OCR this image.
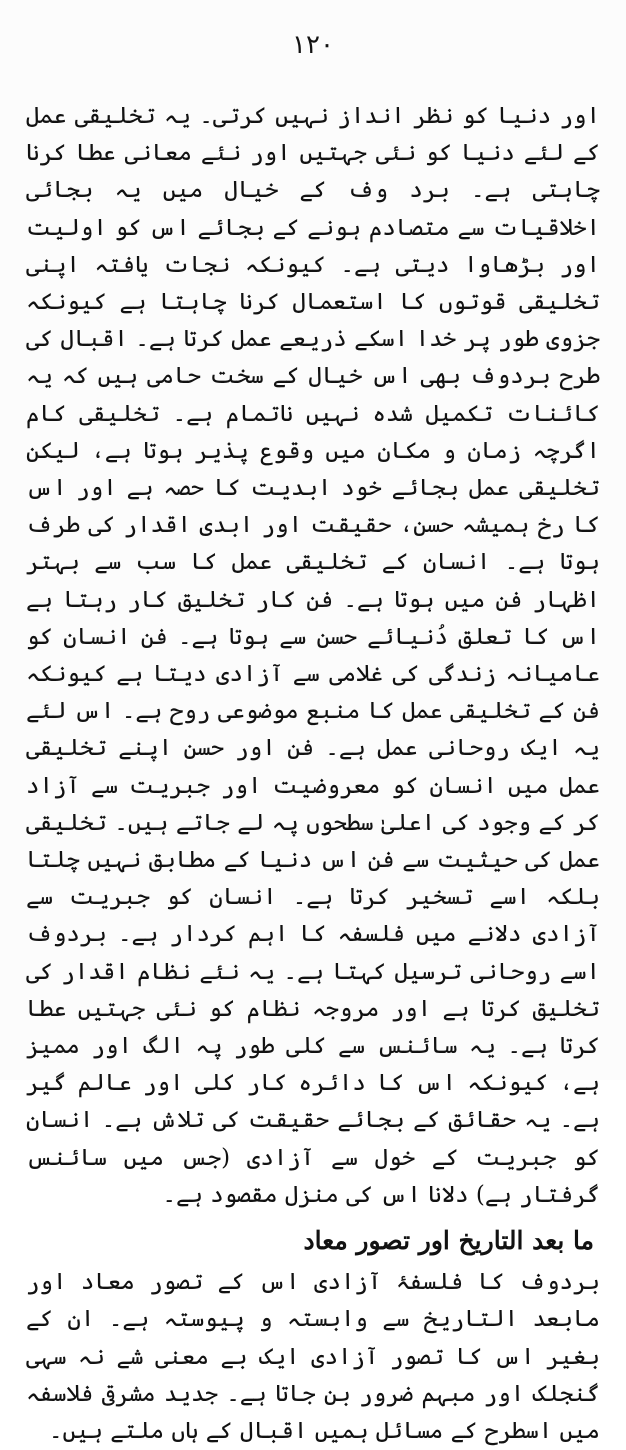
۱۲۰
اور دنیا کو نظر انداز نہیں کرتی۔ یہ تخلیقی عمل کے لئے دنیا کو نئی جہتیں اور نئے معانی عطا کرنا چاہتی ہے۔ برد وف کے خیال میں یہ بجائی اخلاقیات سے متصادم ہونے کے بجائے اس کو اولیت اور بڑھاوا دیتی ہے۔ کیونکہ نجات یافتہ اپنی تخلیقی قوتوں کا استعمال کرنا چاہتا ہے کیونکہ جزوی طور پر خدا اسکے ذریعے عمل کرتا ہے۔ اقبال کی طرح بردوف بھی اس خیال کے سخت حامی ہیں کہ یہ کائنات تکمیل شدہ نہیں ناتمام ہے۔ تخلیقی کام اگرچہ زمان و مکان میں وقوع پذیر ہوتا ہے، لیکن تخلیقی عمل بجائے خود ابدیت کا حصہ ہے اور اس کا رخ ہمیشہ حسن، حقیقت اور ابدی اقدار کی طرف ہوتا ہے۔ انسان کے تخلیقی عمل کا سب سے بہتر اظہار فن میں ہوتا ہے۔ فن کار تخلیق کار رہتا ہے اس کا تعلق دُنیائے حسن سے ہوتا ہے۔ فن انسان کو عامیانہ زندگی کی غلامی سے آزادی دیتا ہے کیونکہ فن کے تخلیقی عمل کا منبع موضوعی روح ہے۔ اس لئے یہ ایک روحانی عمل ہے۔ فن اور حسن اپنے تخلیقی عمل میں انسان کو معروضیت اور جبریت سے آزاد کر کے وجود کی اعلیٰ سطحوں پہ لے جاتے ہیں۔ تخلیقی عمل کی حیثیت سے فن اس دنیا کے مطابق نہیں چلتا بلکہ اسے تسخیر کرتا ہے۔ انسان کو جبریت سے آزادی دلانے میں فلسفہ کا اہم کردار ہے۔ بردوف اسے روحانی ترسیل کہتا ہے۔ یہ نئے نظام اقدار کی تخلیق کرتا ہے اور مروجہ نظام کو نئی جہتیں عطا کرتا ہے۔ یہ سائنس سے کلی طور پہ الگ اور ممیز ہے، کیونکہ اس کا دائرہ کار کلی اور عالم گیر ہے۔ یہ حقائق کے بجائے حقیقت کی تلاش ہے۔ انسان کو جبریت کے خول سے آزادی (جس میں سائنس گرفتار ہے) دلانا اس کی منزل مقصود ہے۔
ما بعد التاریخ اور تصور معاد
بردوف کا فلسفۂ آزادی اس کے تصور معاد اور مابعد التاریخ سے وابستہ و پیوستہ ہے۔ ان کے بغیر اس کا تصور آزادی ایک بے معنی شے نہ سہی گنجلک اور مبہم ضرور بن جاتا ہے۔ جدید مشرقی فلاسفہ میں اسطرح کے مسائل ہمیں اقبال کے ہاں ملتے ہیں۔
